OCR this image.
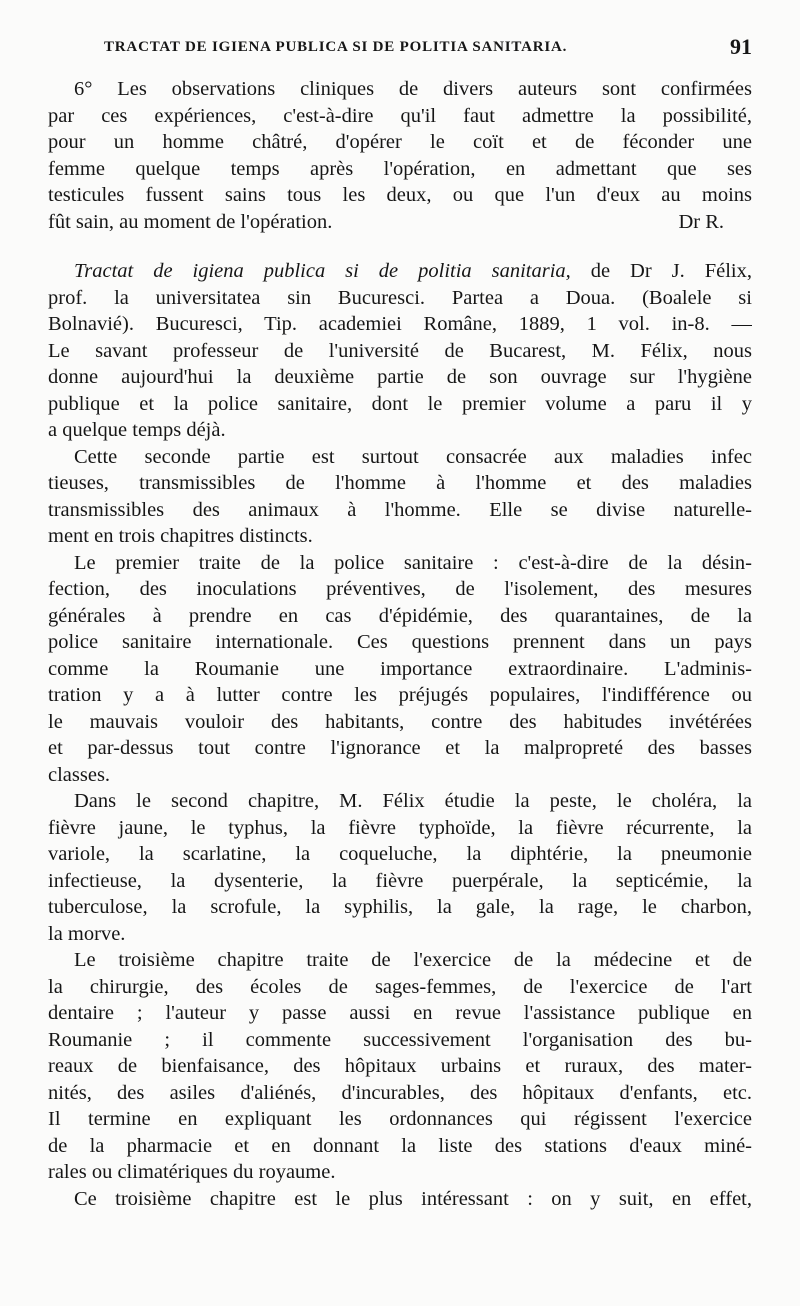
TRACTAT DE IGIENA PUBLICA SI DE POLITIA SANITARIA.	91
6° Les observations cliniques de divers auteurs sont confirmées
par ces expériences, c'est-à-dire qu'il faut admettre la possibilité,
pour un homme châtré, d'opérer le coït et de féconder une
femme quelque temps après l'opération, en admettant que ses
testicules fussent sains tous les deux, ou que l'un d'eux au moins
fût sain, au moment de l'opération.	Dr R.
Tractat de igiena publica si de politia sanitaria, de Dr J. Félix,
prof. la universitatea sin Bucuresci. Partea a Doua. (Boalele si
Bolnavié). Bucuresci, Tip. academiei Române, 1889, 1 vol. in-8. —
Le savant professeur de l'université de Bucarest, M. Félix, nous
donne aujourd'hui la deuxième partie de son ouvrage sur l'hygiène
publique et la police sanitaire, dont le premier volume a paru il y
a quelque temps déjà.
Cette seconde partie est surtout consacrée aux maladies infec
tieuses, transmissibles de l'homme à l'homme et des maladies
transmissibles des animaux à l'homme. Elle se divise naturelle-
ment en trois chapitres distincts.
Le premier traite de la police sanitaire : c'est-à-dire de la désin-
fection, des inoculations préventives, de l'isolement, des mesures
générales à prendre en cas d'épidémie, des quarantaines, de la
police sanitaire internationale. Ces questions prennent dans un pays
comme la Roumanie une importance extraordinaire. L'adminis-
tration y a à lutter contre les préjugés populaires, l'indifférence ou
le mauvais vouloir des habitants, contre des habitudes invétérées
et par-dessus tout contre l'ignorance et la malpropreté des basses
classes.
Dans le second chapitre, M. Félix étudie la peste, le choléra, la
fièvre jaune, le typhus, la fièvre typhoïde, la fièvre récurrente, la
variole, la scarlatine, la coqueluche, la diphtérie, la pneumonie
infectieuse, la dysenterie, la fièvre puerpérale, la septicémie, la
tuberculose, la scrofule, la syphilis, la gale, la rage, le charbon,
la morve.
Le troisième chapitre traite de l'exercice de la médecine et de
la chirurgie, des écoles de sages-femmes, de l'exercice de l'art
dentaire ; l'auteur y passe aussi en revue l'assistance publique en
Roumanie ; il commente successivement l'organisation des bu-
reaux de bienfaisance, des hôpitaux urbains et ruraux, des mater-
nités, des asiles d'aliénés, d'incurables, des hôpitaux d'enfants, etc.
Il termine en expliquant les ordonnances qui régissent l'exercice
de la pharmacie et en donnant la liste des stations d'eaux miné-
rales ou climatériques du royaume.
Ce troisième chapitre est le plus intéressant : on y suit, en effet,
